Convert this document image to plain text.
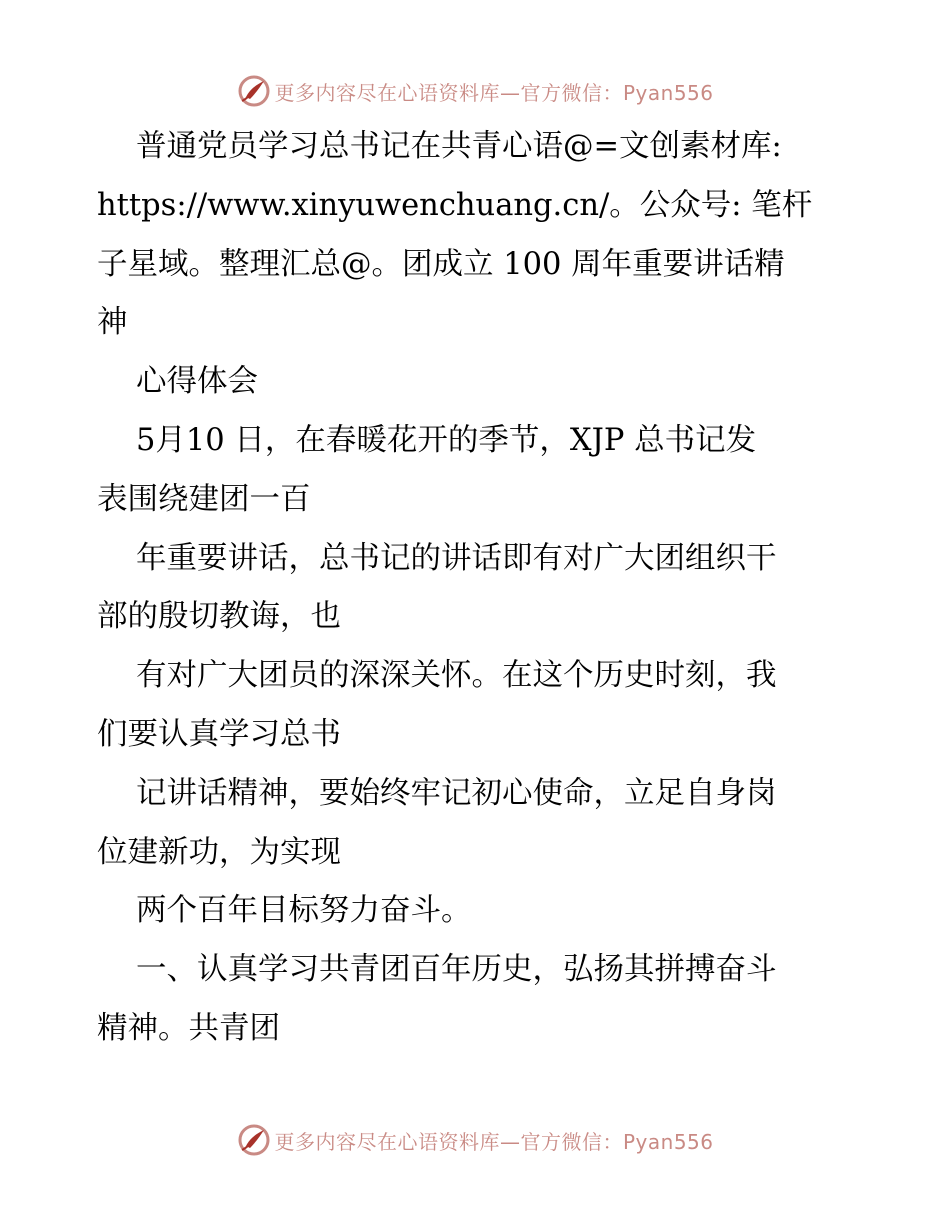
更多内容尽在心语资料库—官方微信：Pyan556

普通党员学习总书记在共青心语@=文创素材库:

https://www.xinyuwenchuang.cn/。公众号: 笔杆

子星域。整理汇总@。团成立 100 周年重要讲话精

神

心得体会

5月10 日，在春暖花开的季节，XJP 总书记发

表围绕建团一百

年重要讲话，总书记的讲话即有对广大团组织干

部的殷切教诲，也

有对广大团员的深深关怀。在这个历史时刻，我

们要认真学习总书

记讲话精神，要始终牢记初心使命，立足自身岗

位建新功，为实现

两个百年目标努力奋斗。

一、认真学习共青团百年历史，弘扬其拼搏奋斗

精神。共青团

更多内容尽在心语资料库—官方微信：Pyan556
